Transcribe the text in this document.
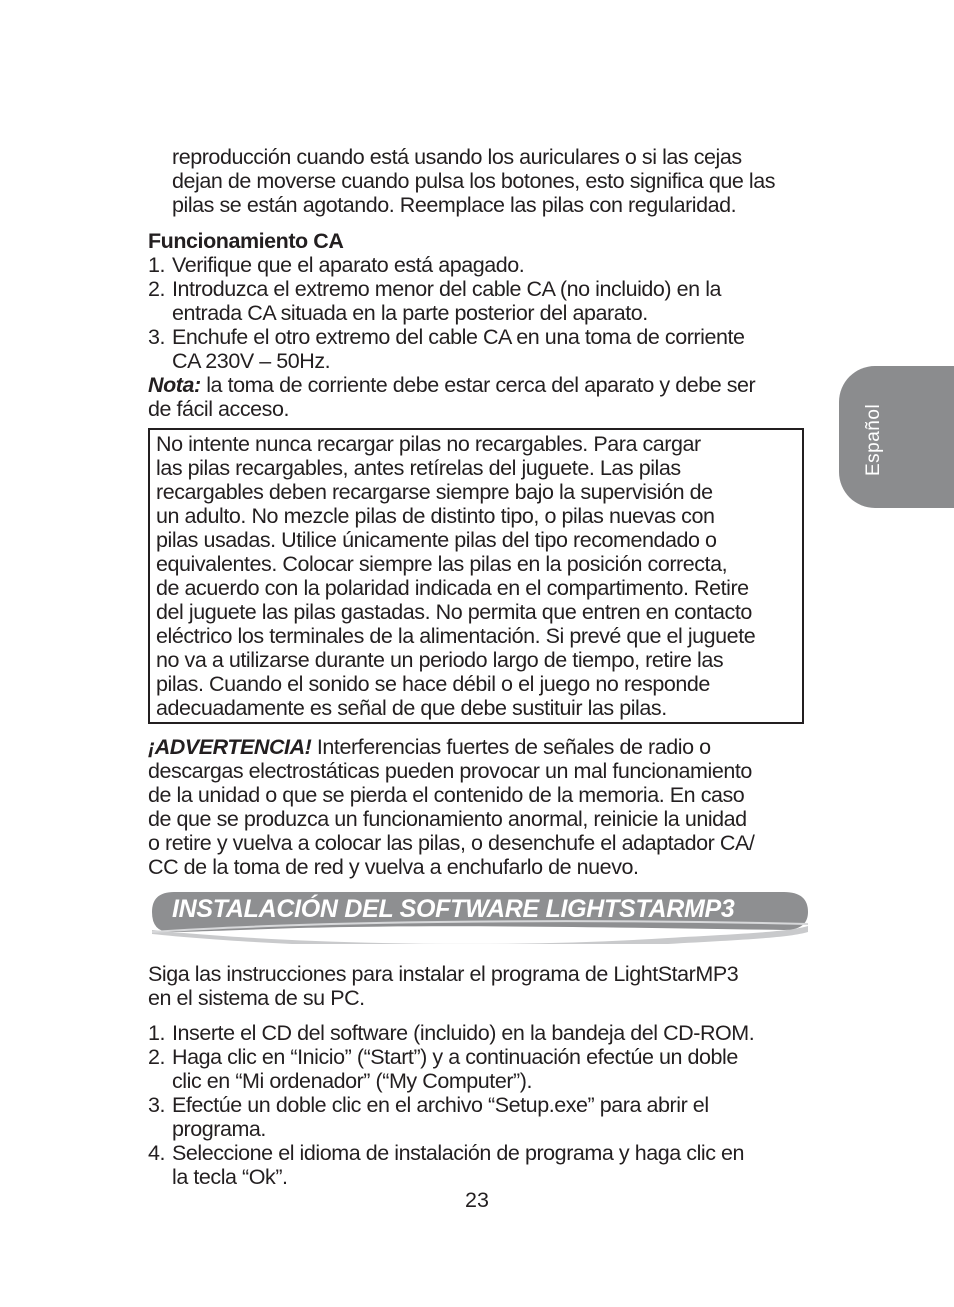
reproducción cuando está usando los auriculares o si las cejas

dejan de moverse cuando pulsa los botones, esto significa que las

pilas se están agotando. Reemplace las pilas con regularidad.

Funcionamiento CA

1. Verifique que el aparato está apagado.

2. Introduzca el extremo menor del cable CA (no incluido) en la

entrada CA situada en la parte posterior del aparato.

3. Enchufe el otro extremo del cable CA en una toma de corriente

CA 230V – 50Hz.

Nota: la toma de corriente debe estar cerca del aparato y debe ser

de fácil acceso.

No intente nunca recargar pilas no recargables. Para cargar

las pilas recargables, antes retírelas del juguete. Las pilas

recargables deben recargarse siempre bajo la supervisión de

un adulto. No mezcle pilas de distinto tipo, o pilas nuevas con

pilas usadas. Utilice únicamente pilas del tipo recomendado o

equivalentes. Colocar siempre las pilas en la posición correcta,

de acuerdo con la polaridad indicada en el compartimento. Retire

del juguete las pilas gastadas. No permita que entren en contacto

eléctrico los terminales de la alimentación. Si prevé que el juguete

no va a utilizarse durante un periodo largo de tiempo, retire las

pilas. Cuando el sonido se hace débil o el juego no responde

adecuadamente es señal de que debe sustituir las pilas.

¡ADVERTENCIA! Interferencias fuertes de señales de radio o

descargas electrostáticas pueden provocar un mal funcionamiento

de la unidad o que se pierda el contenido de la memoria. En caso

de que se produzca un funcionamiento anormal, reinicie la unidad

o retire y vuelva a colocar las pilas, o desenchufe el adaptador CA/

CC de la toma de red y vuelva a enchufarlo de nuevo.

INSTALACIÓN DEL SOFTWARE LIGHTSTARMP3

Siga las instrucciones para instalar el programa de LightStarMP3

en el sistema de su PC.

1. Inserte el CD del software (incluido) en la bandeja del CD-ROM.

2. Haga clic en “Inicio” (“Start”) y a continuación efectúe un doble

clic en “Mi ordenador” (“My Computer”).

3. Efectúe un doble clic en el archivo “Setup.exe” para abrir el

programa.

4. Seleccione el idioma de instalación de programa y haga clic en

la tecla “Ok”.

23
Español
